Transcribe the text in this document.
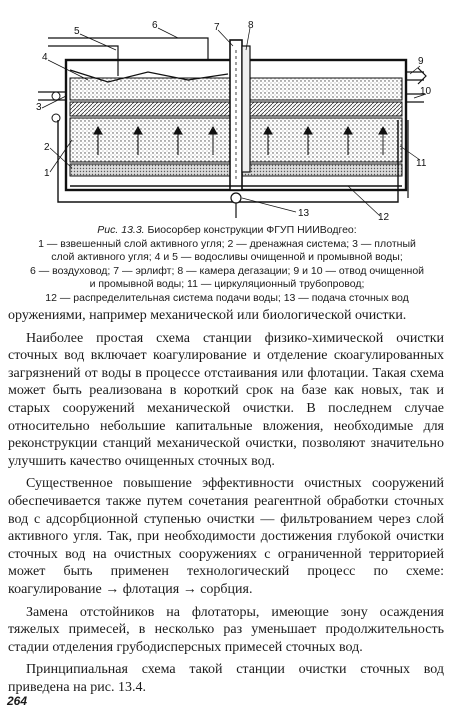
1
2
3
4
5
6	7	8
9
10
11
12
13
Рис. 13.3. Биосорбер конструкции ФГУП НИИВодгео:
1 — взвешенный слой активного угля; 2 — дренажная система; 3 — плотный
слой активного угля; 4 и 5 — водосливы очищенной и промывной воды;
6 — воздуховод; 7 — эрлифт; 8 — камера дегазации; 9 и 10 — отвод очищенной
и промывной воды; 11 — циркуляционный трубопровод;
12 — распределительная система подачи воды; 13 — подача сточных вод

оружениями, например механической или биологической очистки.

Наиболее простая схема станции физико-химической очистки сточных вод включает коагулирование и отделение скоагулированных загрязнений от воды в процессе отстаивания или флотации. Такая схема может быть реализована в короткий срок на базе как новых, так и старых сооружений механической очистки. В последнем случае относительно небольшие капитальные вложения, необходимые для реконструкции станций механической очистки, позволяют значительно улучшить качество очищенных сточных вод.

Существенное повышение эффективности очистных сооружений обеспечивается также путем сочетания реагентной обработки сточных вод с адсорбционной ступенью очистки — фильтрованием через слой активного угля. Так, при необходимости достижения глубокой очистки сточных вод на очистных сооружениях с ограниченной территорией может быть применен технологический процесс по схеме: коагулирование → флотация → сорбция.

Замена отстойников на флотаторы, имеющие зону осаждения тяжелых примесей, в несколько раз уменьшает продолжительность стадии отделения грубодисперсных примесей сточных вод.

Принципиальная схема такой станции очистки сточных вод приведена на рис. 13.4.

264
